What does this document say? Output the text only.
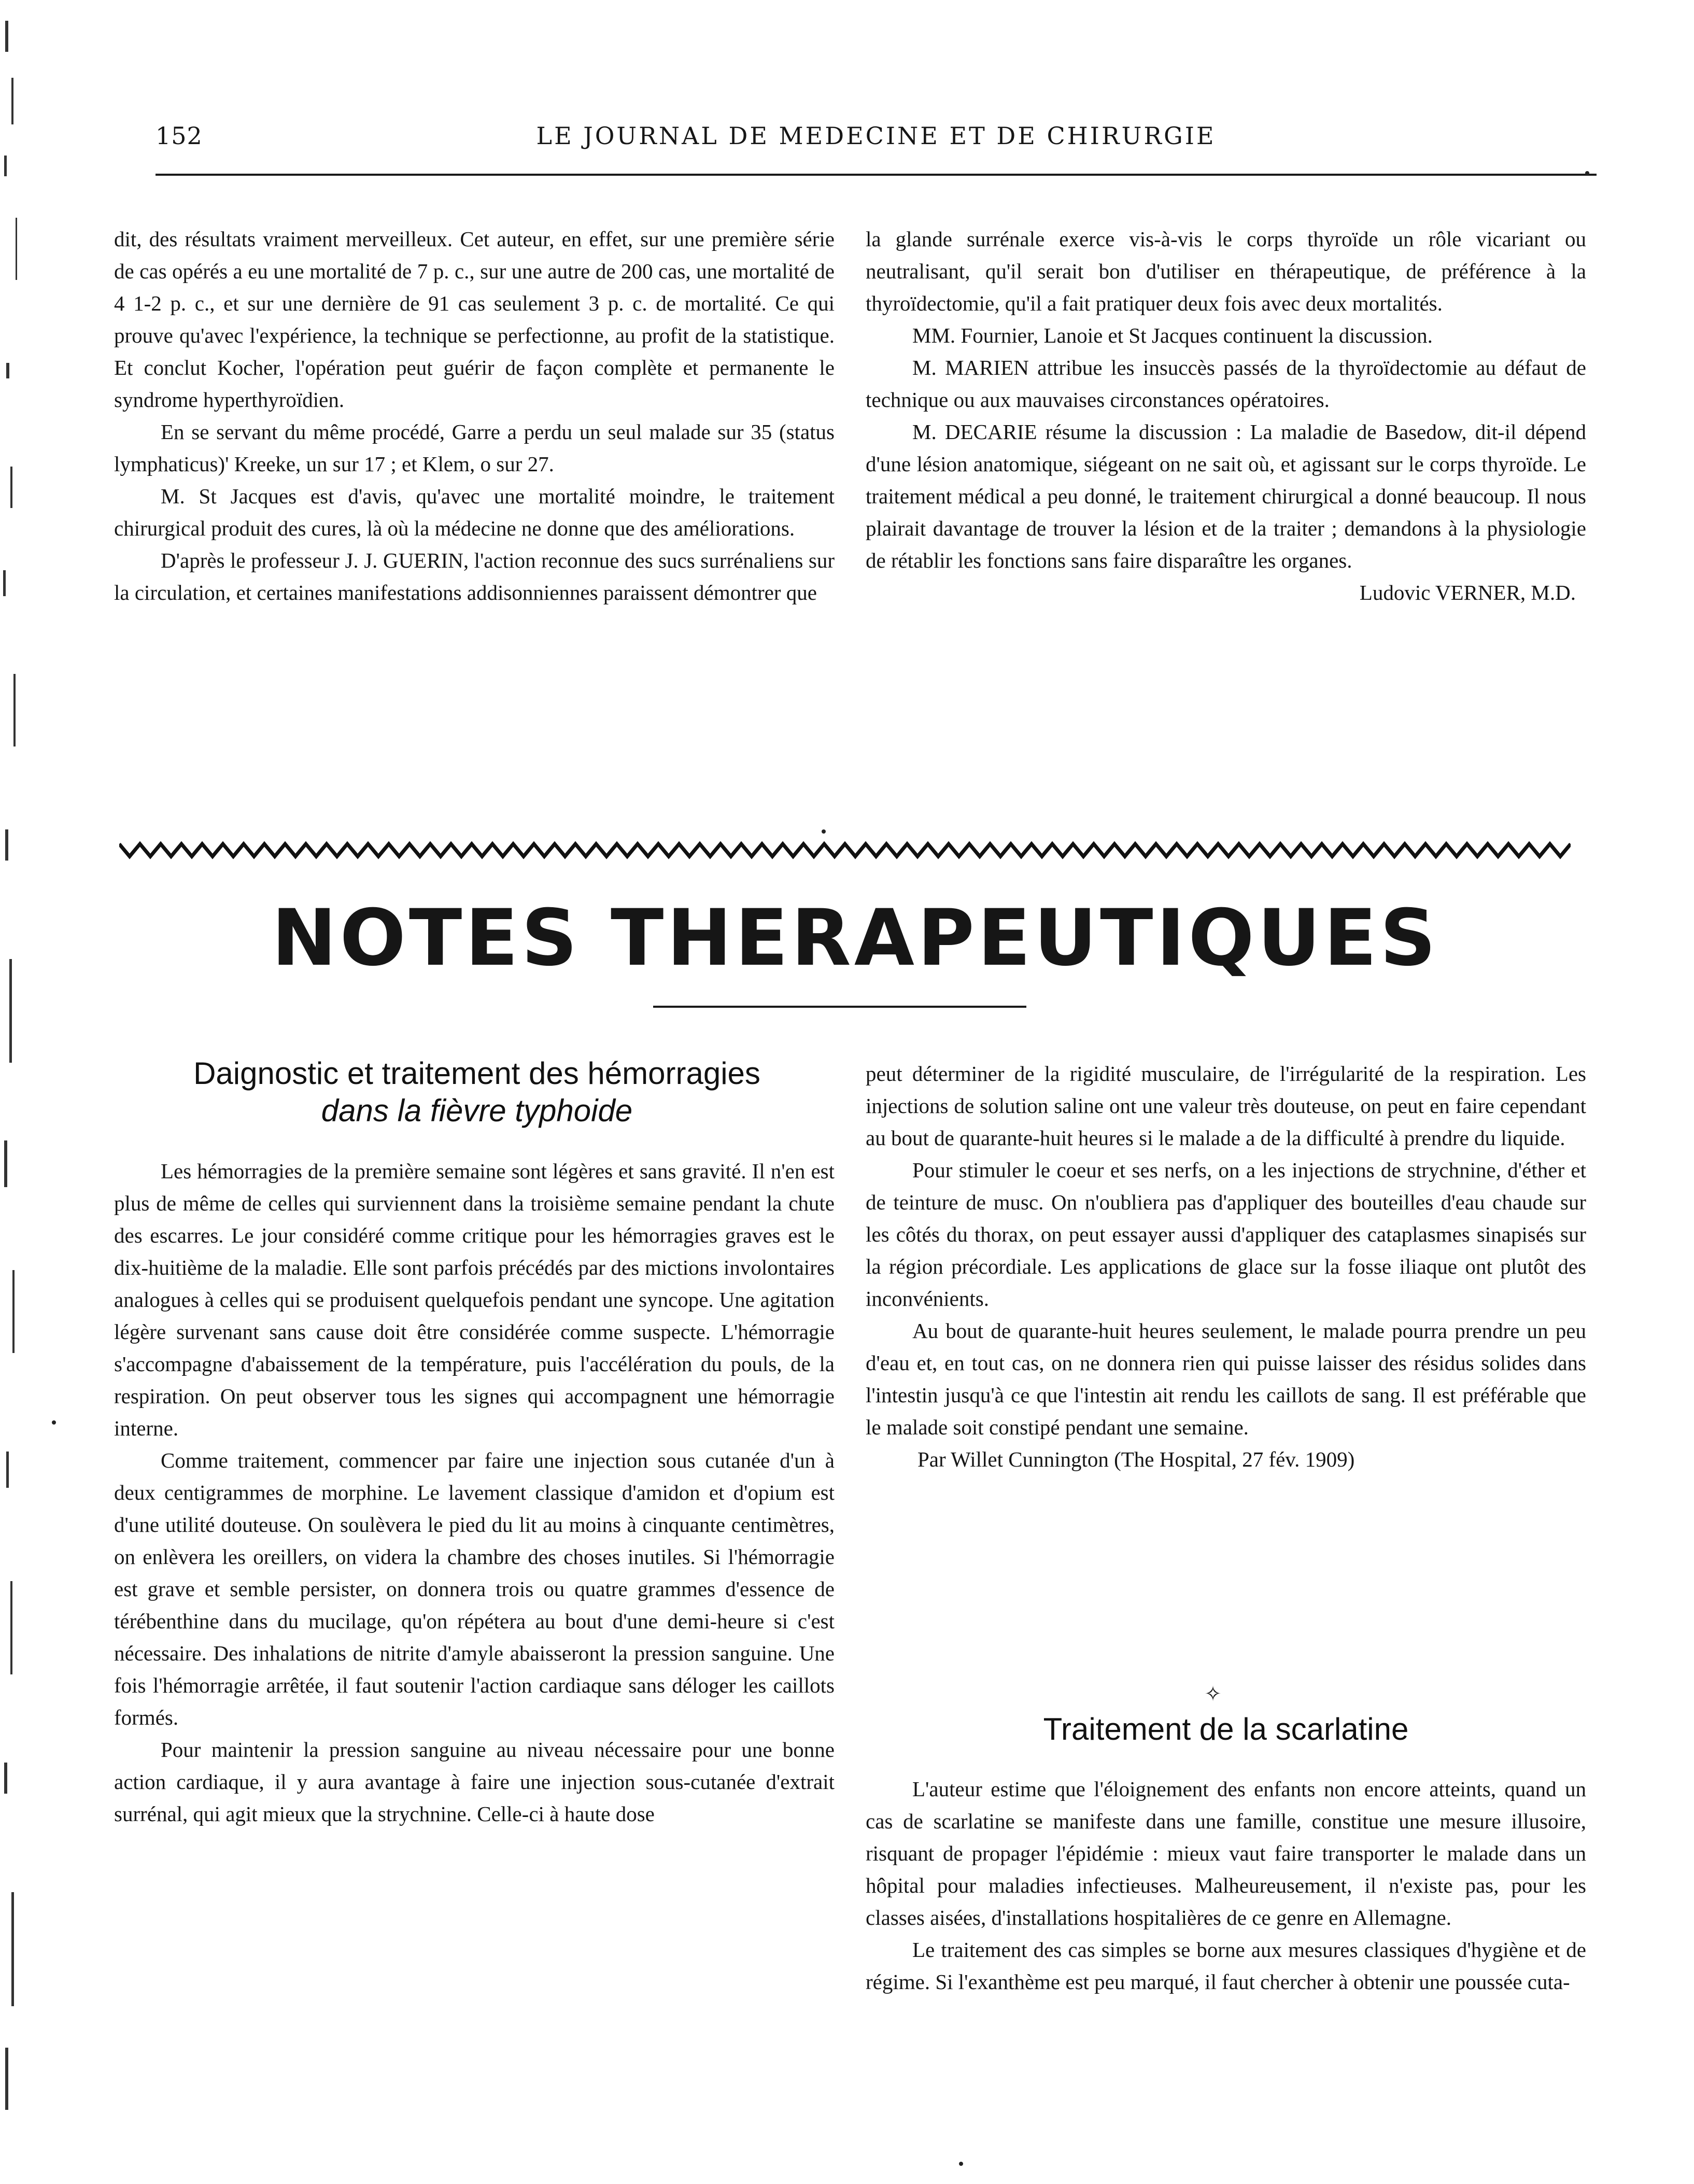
152	LE JOURNAL DE MEDECINE ET DE CHIRURGIE

dit, des résultats vraiment merveilleux. Cet auteur, en effet, sur une première série de cas opérés a eu une mortalité de 7 p. c., sur une autre de 200 cas, une mortalité de 4 1-2 p. c., et sur une dernière de 91 cas seulement 3 p. c. de mortalité. Ce qui prouve qu'avec l'expérience, la technique se perfectionne, au profit de la statistique. Et conclut Kocher, l'opération peut guérir de façon complète et permanente le syndrome hyperthyroïdien.

En se servant du même procédé, Garre a perdu un seul malade sur 35 (status lymphaticus)' Kreeke, un sur 17 ; et Klem, o sur 27.

M. St Jacques est d'avis, qu'avec une mortalité moindre, le traitement chirurgical produit des cures, là où la médecine ne donne que des améliorations.

D'après le professeur J. J. GUERIN, l'action reconnue des sucs surrénaliens sur la circulation, et certaines manifestations addisonniennes paraissent démontrer que

la glande surrénale exerce vis-à-vis le corps thyroïde un rôle vicariant ou neutralisant, qu'il serait bon d'utiliser en thérapeutique, de préférence à la thyroïdectomie, qu'il a fait pratiquer deux fois avec deux mortalités.

MM. Fournier, Lanoie et St Jacques continuent la discussion.

M. MARIEN attribue les insuccès passés de la thyroïdectomie au défaut de technique ou aux mauvaises circonstances opératoires.

M. DECARIE résume la discussion : La maladie de Basedow, dit-il dépend d'une lésion anatomique, siégeant on ne sait où, et agissant sur le corps thyroïde. Le traitement médical a peu donné, le traitement chirurgical a donné beaucoup. Il nous plairait davantage de trouver la lésion et de la traiter ; demandons à la physiologie de rétablir les fonctions sans faire disparaître les organes.

Ludovic VERNER, M.D.

NOTES THERAPEUTIQUES
Daignostic et traitement des hémorragies
dans la fièvre typhoide

Les hémorragies de la première semaine sont légères et sans gravité. Il n'en est plus de même de celles qui surviennent dans la troisième semaine pendant la chute des escarres. Le jour considéré comme critique pour les hémorragies graves est le dix-huitième de la maladie. Elle sont parfois précédés par des mictions involontaires analogues à celles qui se produisent quelquefois pendant une syncope. Une agitation légère survenant sans cause doit être considérée comme suspecte. L'hémorragie s'accompagne d'abaissement de la température, puis l'accélération du pouls, de la respiration. On peut observer tous les signes qui accompagnent une hémorragie interne.

Comme traitement, commencer par faire une injection sous cutanée d'un à deux centigrammes de morphine. Le lavement classique d'amidon et d'opium est d'une utilité douteuse. On soulèvera le pied du lit au moins à cinquante centimètres, on enlèvera les oreillers, on videra la chambre des choses inutiles. Si l'hémorragie est grave et semble persister, on donnera trois ou quatre grammes d'essence de térébenthine dans du mucilage, qu'on répétera au bout d'une demi-heure si c'est nécessaire. Des inhalations de nitrite d'amyle abaisseront la pression sanguine. Une fois l'hémorragie arrêtée, il faut soutenir l'action cardiaque sans déloger les caillots formés.

Pour maintenir la pression sanguine au niveau nécessaire pour une bonne action cardiaque, il y aura avantage à faire une injection sous-cutanée d'extrait surrénal, qui agit mieux que la strychnine. Celle-ci à haute dose

peut déterminer de la rigidité musculaire, de l'irrégularité de la respiration. Les injections de solution saline ont une valeur très douteuse, on peut en faire cependant au bout de quarante-huit heures si le malade a de la difficulté à prendre du liquide.

Pour stimuler le coeur et ses nerfs, on a les injections de strychnine, d'éther et de teinture de musc. On n'oubliera pas d'appliquer des bouteilles d'eau chaude sur les côtés du thorax, on peut essayer aussi d'appliquer des cataplasmes sinapisés sur la région précordiale. Les applications de glace sur la fosse iliaque ont plutôt des inconvénients.

Au bout de quarante-huit heures seulement, le malade pourra prendre un peu d'eau et, en tout cas, on ne donnera rien qui puisse laisser des résidus solides dans l'intestin jusqu'à ce que l'intestin ait rendu les caillots de sang. Il est préférable que le malade soit constipé pendant une semaine.

Par Willet Cunnington (The Hospital, 27 fév. 1909)

✧
Traitement de la scarlatine

L'auteur estime que l'éloignement des enfants non encore atteints, quand un cas de scarlatine se manifeste dans une famille, constitue une mesure illusoire, risquant de propager l'épidémie : mieux vaut faire transporter le malade dans un hôpital pour maladies infectieuses. Malheureusement, il n'existe pas, pour les classes aisées, d'installations hospitalières de ce genre en Allemagne.

Le traitement des cas simples se borne aux mesures classiques d'hygiène et de régime. Si l'exanthème est peu marqué, il faut chercher à obtenir une poussée cuta-
